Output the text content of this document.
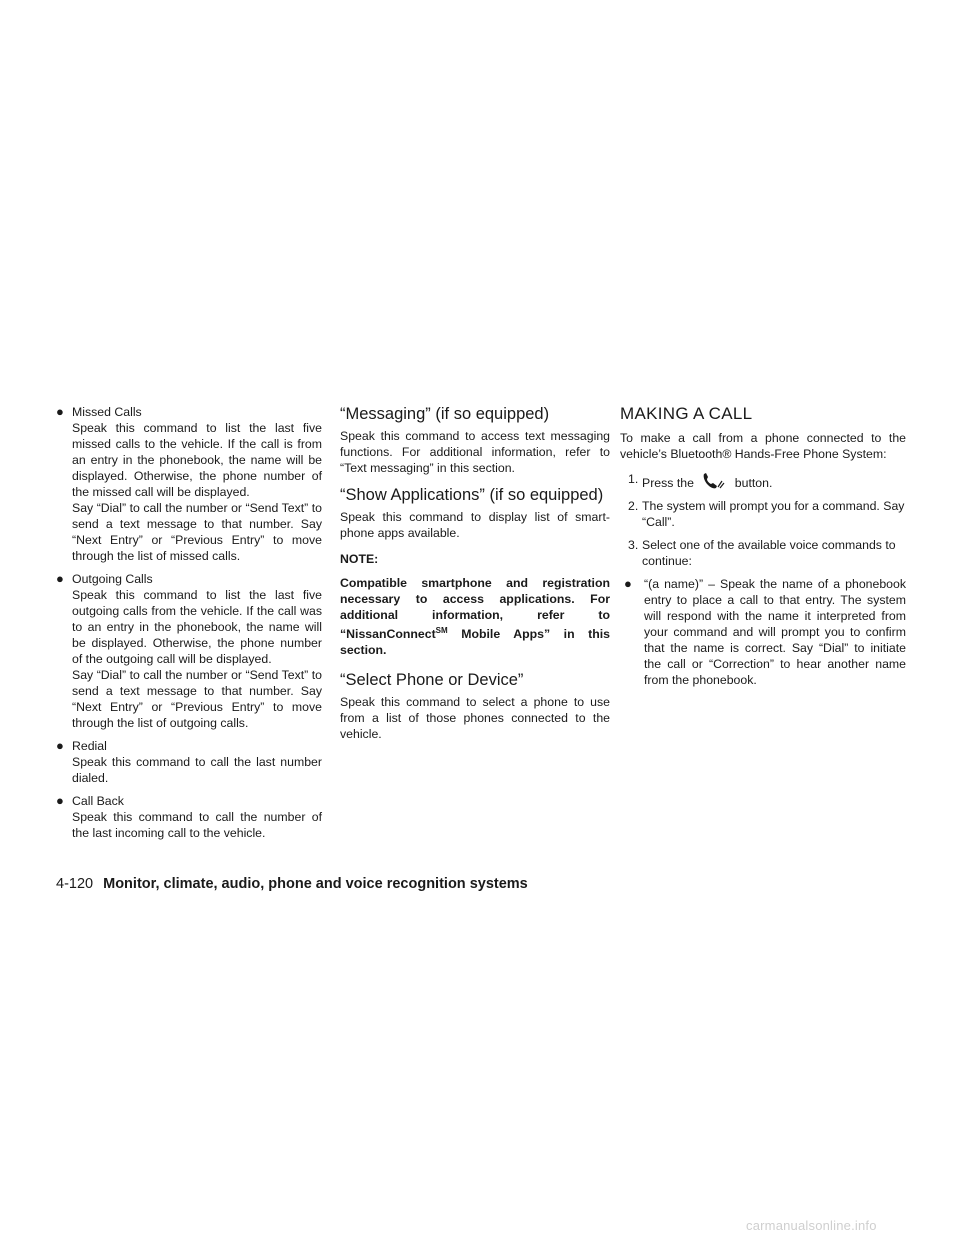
● Missed Calls

Speak this command to list the last five missed calls to the vehicle. If the call is from an entry in the phonebook, the name will be displayed. Otherwise, the phone number of the missed call will be displayed.

Say “Dial” to call the number or “Send Text” to send a text message to that number. Say “Next Entry” or “Previous Entry” to move through the list of missed calls.

● Outgoing Calls

Speak this command to list the last five outgoing calls from the vehicle. If the call was to an entry in the phonebook, the name will be displayed. Otherwise, the phone number of the outgoing call will be displayed.

Say “Dial” to call the number or “Send Text” to send a text message to that number. Say “Next Entry” or “Previous Entry” to move through the list of outgoing calls.

● Redial

Speak this command to call the last number dialed.

● Call Back

Speak this command to call the number of the last incoming call to the vehicle.

“Messaging” (if so equipped)

Speak this command to access text messaging functions. For additional information, refer to “Text messaging” in this section.

“Show Applications” (if so equipped)

Speak this command to display list of smart-phone apps available.

NOTE:

Compatible smartphone and registration necessary to access applications. For additional information, refer to “NissanConnect℠ Mobile Apps” in this section.

“Select Phone or Device”

Speak this command to select a phone to use from a list of those phones connected to the vehicle.

MAKING A CALL

To make a call from a phone connected to the vehicle’s Bluetooth® Hands-Free Phone System:

1. Press the	button.
2. The system will prompt you for a command. Say “Call”.
3. Select one of the available voice commands to continue:
● “(a name)” – Speak the name of a phonebook entry to place a call to that entry. The system will respond with the name it interpreted from your command and will prompt you to confirm that the name is correct. Say “Dial” to initiate the call or “Correction” to hear another name from the phonebook.
4-120 Monitor, climate, audio, phone and voice recognition systems
carmanualsonline.info
